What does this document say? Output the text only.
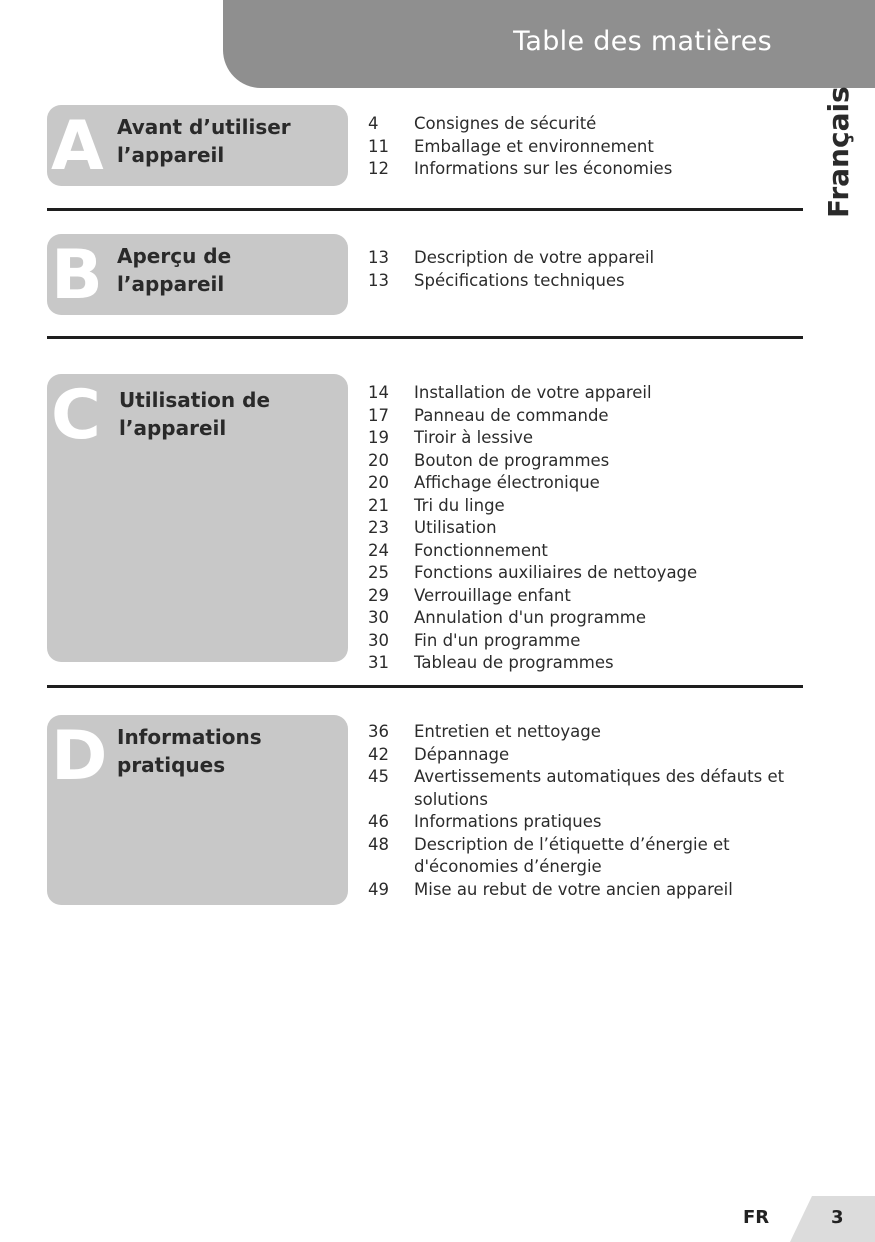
Table des matières
Français
A Avant d’utiliser l’appareil
4	Consignes de sécurité
11	Emballage et environnement
12	Informations sur les économies
B Aperçu de l’appareil
13	Description de votre appareil
13	Spécifications techniques
C Utilisation de l’appareil
14	Installation de votre appareil
17	Panneau de commande
19	Tiroir à lessive
20	Bouton de programmes
20	Affichage électronique
21	Tri du linge
23	Utilisation
24	Fonctionnement
25	Fonctions auxiliaires de nettoyage
29	Verrouillage enfant
30	Annulation d'un programme
30	Fin d'un programme
31	Tableau de programmes
D Informations pratiques
36	Entretien et nettoyage
42	Dépannage
45	Avertissements automatiques des défauts et solutions
46	Informations pratiques
48	Description de l’étiquette d’énergie et d'économies d’énergie
49	Mise au rebut de votre ancien appareil
FR	3
